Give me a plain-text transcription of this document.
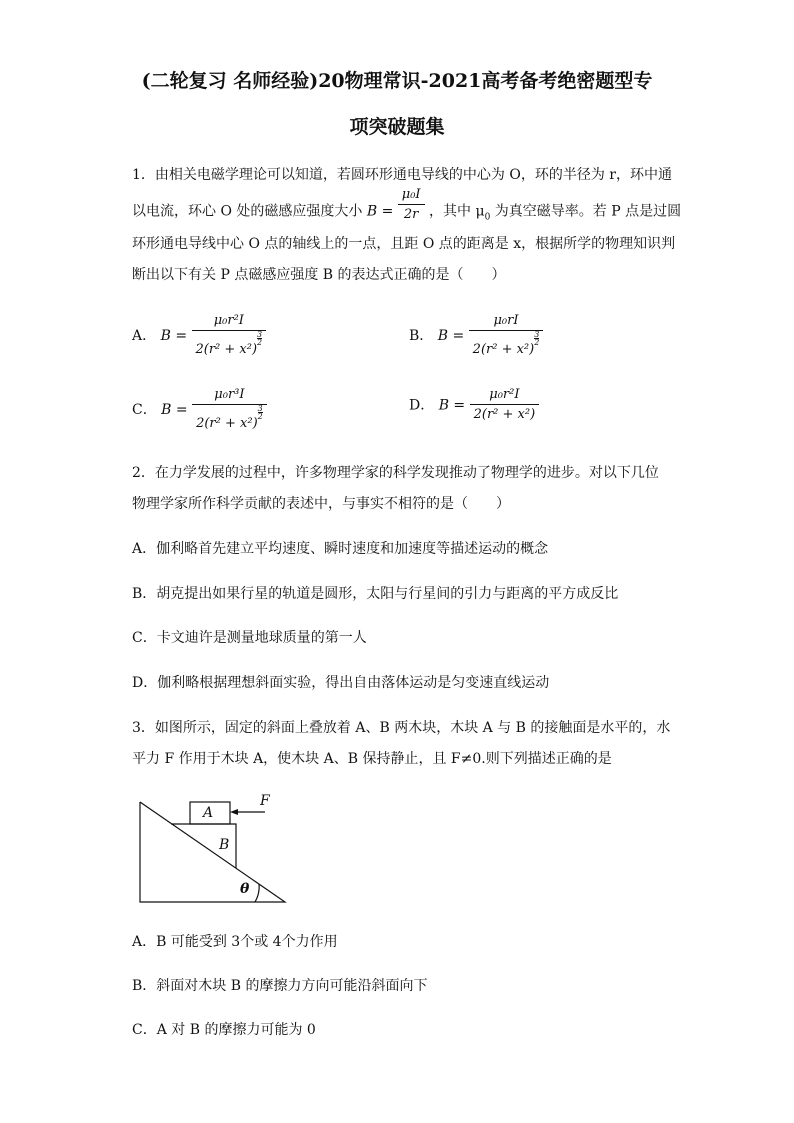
(二轮复习 名师经验)20物理常识-2021高考备考绝密题型专
项突破题集
1．由相关电磁学理论可以知道，若圆环形通电导线的中心为 O，环的半径为 r，环中通
以电流，环心 O 处的磁感应强度大小 $B = \frac{\text{μ₀I}}{2r}$ ，其中 $\mu_0$ 为真空磁导率。若 P 点是过圆
环形通电导线中心 O 点的轴线上的一点，且距 O 点的距离是 x，根据所学的物理知识判
断出以下有关 P 点磁感应强度 B 的表达式正确的是（　　）
A． B = μ₀r²I
2(r² + x²)
$\frac{3}{2}$	B． B = μ₀rI
2(r² + x²)
$\frac{3}{2}$
C． B = μ₀r³I
2(r² + x²)
$\frac{3}{2}$	D． $B = \frac{\text{μ₀r²I}}{\text{2(r² + x²)}}$
2．在力学发展的过程中，许多物理学家的科学发现推动了物理学的进步。对以下几位
物理学家所作科学贡献的表述中，与事实不相符的是（　　）
A．伽利略首先建立平均速度、瞬时速度和加速度等描述运动的概念
B．胡克提出如果行星的轨道是圆形，太阳与行星间的引力与距离的平方成反比
C．卡文迪许是测量地球质量的第一人
D．伽利略根据理想斜面实验，得出自由落体运动是匀变速直线运动
3．如图所示，固定的斜面上叠放着 A、B 两木块，木块 A 与 B 的接触面是水平的，水
平力 F 作用于木块 A，使木块 A、B 保持静止，且 F≠0.则下列描述正确的是
A
B
F
θ
A．B 可能受到 3个或 4个力作用
B．斜面对木块 B 的摩擦力方向可能沿斜面向下
C．A 对 B 的摩擦力可能为 0
